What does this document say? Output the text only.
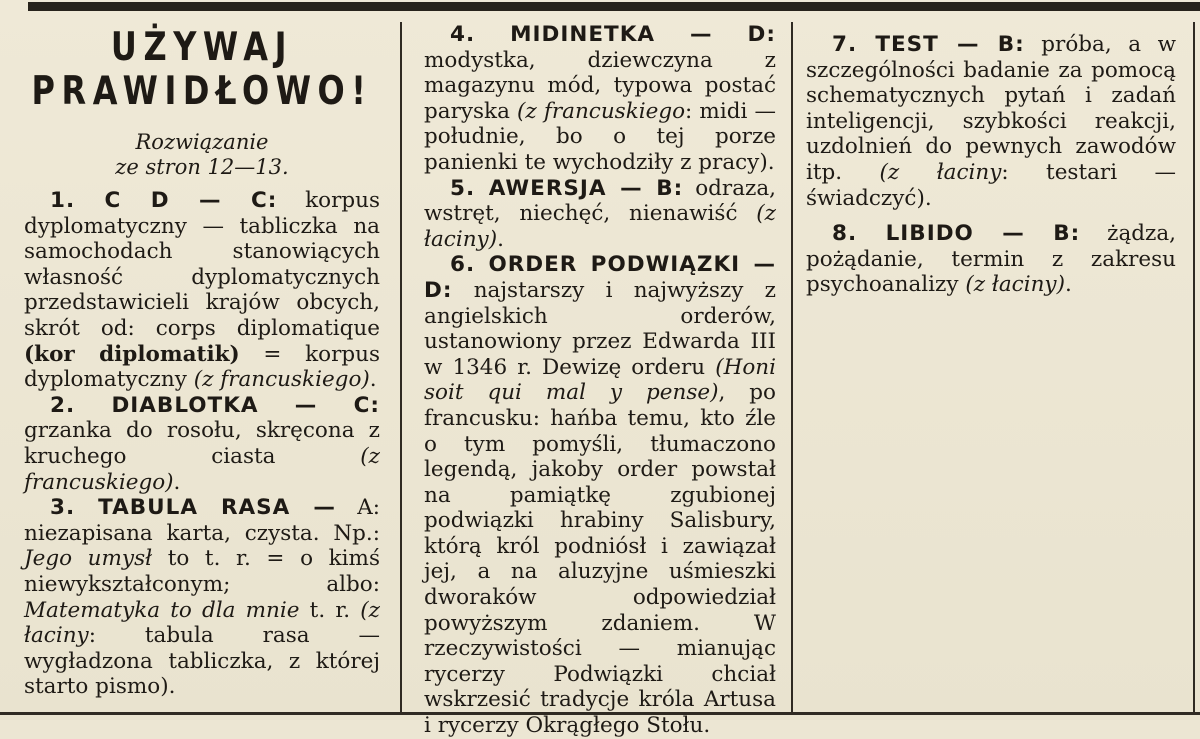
UŻYWAJ
PRAWIDŁOWO!
Rozwiązanie
ze stron 12—13.

1. C D — C: korpus dyplomatyczny — tabliczka na samochodach stanowiących własność dyplomatycznych przedstawicieli krajów obcych, skrót od: corps diplomatique (kor diplomatik) = korpus dyplomatyczny (z francuskiego).

2. DIABLOTKA — C: grzanka do rosołu, skręcona z kruchego ciasta (z francuskiego).

3. TABULA RASA — A: niezapisana karta, czysta. Np.: Jego umysł to t. r. = o kimś niewykształconym; albo: Matematyka to dla mnie t. r. (z łaciny: tabula rasa — wygładzona tabliczka, z której starto pismo).

4. MIDINETKA — D: modystka, dziewczyna z magazynu mód, typowa postać paryska (z francuskiego: midi — południe, bo o tej porze panienki te wychodziły z pracy).

5. AWERSJA — B: odraza, wstręt, niechęć, nienawiść (z łaciny).

6. ORDER PODWIĄZKI — D: najstarszy i najwyższy z angielskich orderów, ustanowiony przez Edwarda III w 1346 r. Dewizę orderu (Honi soit qui mal y pense), po francusku: hańba temu, kto źle o tym pomyśli, tłumaczono legendą, jakoby order powstał na pamiątkę zgubionej podwiązki hrabiny Salisbury, którą król podniósł i zawiązał jej, a na aluzyjne uśmieszki dworaków odpowiedział powyższym zdaniem. W rzeczywistości — mianując rycerzy Podwiązki chciał wskrzesić tradycje króla Artusa i rycerzy Okrągłego Stołu.

7. TEST — B: próba, a w szczególności badanie za pomocą schematycznych pytań i zadań inteligencji, szybkości reakcji, uzdolnień do pewnych zawodów itp. (z łaciny: testari — świadczyć).

8. LIBIDO — B: żądza, pożądanie, termin z zakresu psychoanalizy (z łaciny).
